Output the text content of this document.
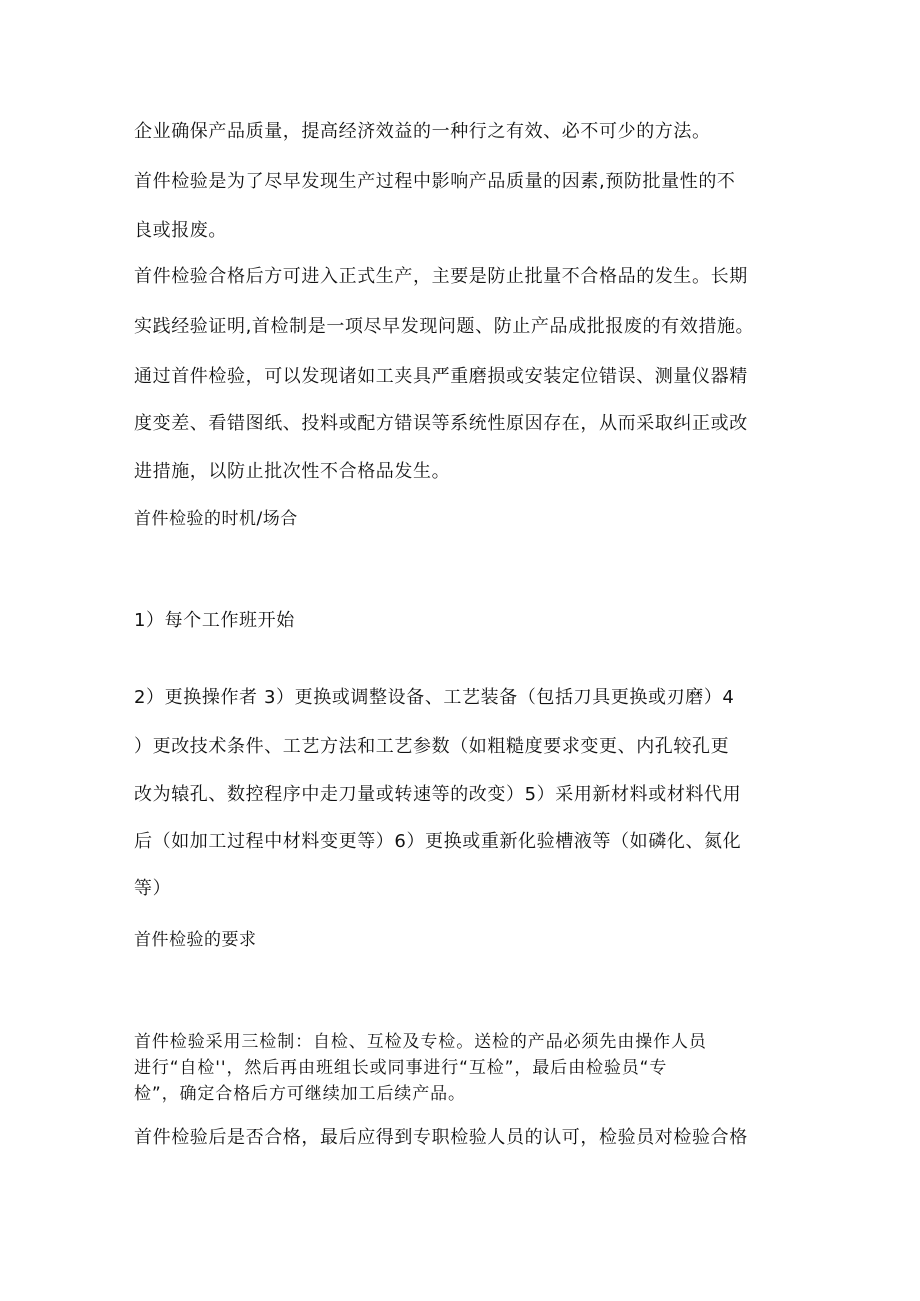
企业确保产品质量，提高经济效益的一种行之有效、必不可少的方法。
首件检验是为了尽早发现生产过程中影响产品质量的因素,预防批量性的不
良或报废。
首件检验合格后方可进入正式生产，主要是防止批量不合格品的发生。长期
实践经验证明,首检制是一项尽早发现问题、防止产品成批报废的有效措施。
通过首件检验，可以发现诸如工夹具严重磨损或安装定位错误、测量仪器精
度变差、看错图纸、投料或配方错误等系统性原因存在，从而采取纠正或改
进措施，以防止批次性不合格品发生。
首件检验的时机/场合
1）每个工作班开始
2）更换操作者 3）更换或调整设备、工艺装备（包括刀具更换或刃磨）4
）更改技术条件、工艺方法和工艺参数（如粗糙度要求变更、内孔较孔更
改为辕孔、数控程序中走刀量或转速等的改变）5）采用新材料或材料代用
后（如加工过程中材料变更等）6）更换或重新化验槽液等（如磷化、氮化
等）
首件检验的要求
首件检验采用三检制：自检、互检及专检。送检的产品必须先由操作人员
进行“自检''，然后再由班组长或同事进行“互检”，最后由检验员“专
检”，确定合格后方可继续加工后续产品。
首件检验后是否合格，最后应得到专职检验人员的认可，检验员对检验合格
